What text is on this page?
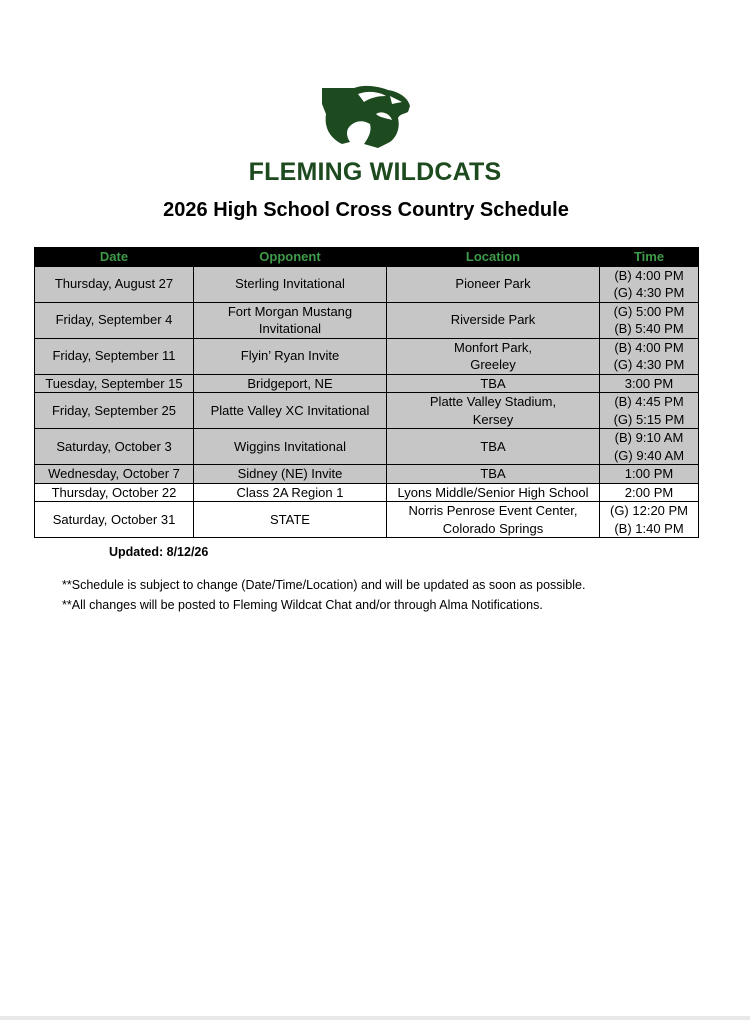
FLEMING WILDCATS
2026 High School Cross Country Schedule
Date	Opponent	Location	Time
Thursday, August 27	Sterling Invitational	Pioneer Park	(B) 4:00 PM
(G) 4:30 PM

Friday, September 4	Fort Morgan Mustang
Invitational	Riverside Park	(G) 5:00 PM
(B) 5:40 PM

Friday, September 11	Flyin’ Ryan Invite	Monfort Park,
Greeley	(B) 4:00 PM
(G) 4:30 PM

Tuesday, September 15	Bridgeport, NE	TBA	3:00 PM

Friday, September 25	Platte Valley XC Invitational	Platte Valley Stadium,
Kersey	(B) 4:45 PM
(G) 5:15 PM

Saturday, October 3	Wiggins Invitational	TBA	(B) 9:10 AM
(G) 9:40 AM

Wednesday, October 7	Sidney (NE) Invite	TBA	1:00 PM

Thursday, October 22	Class 2A Region 1	Lyons Middle/Senior High School	2:00 PM

Saturday, October 31	STATE	Norris Penrose Event Center,
Colorado Springs	(G) 12:20 PM
(B) 1:40 PM
Updated: 8/12/26
**Schedule is subject to change (Date/Time/Location) and will be updated as soon as possible.
**All changes will be posted to Fleming Wildcat Chat and/or through Alma Notifications.
